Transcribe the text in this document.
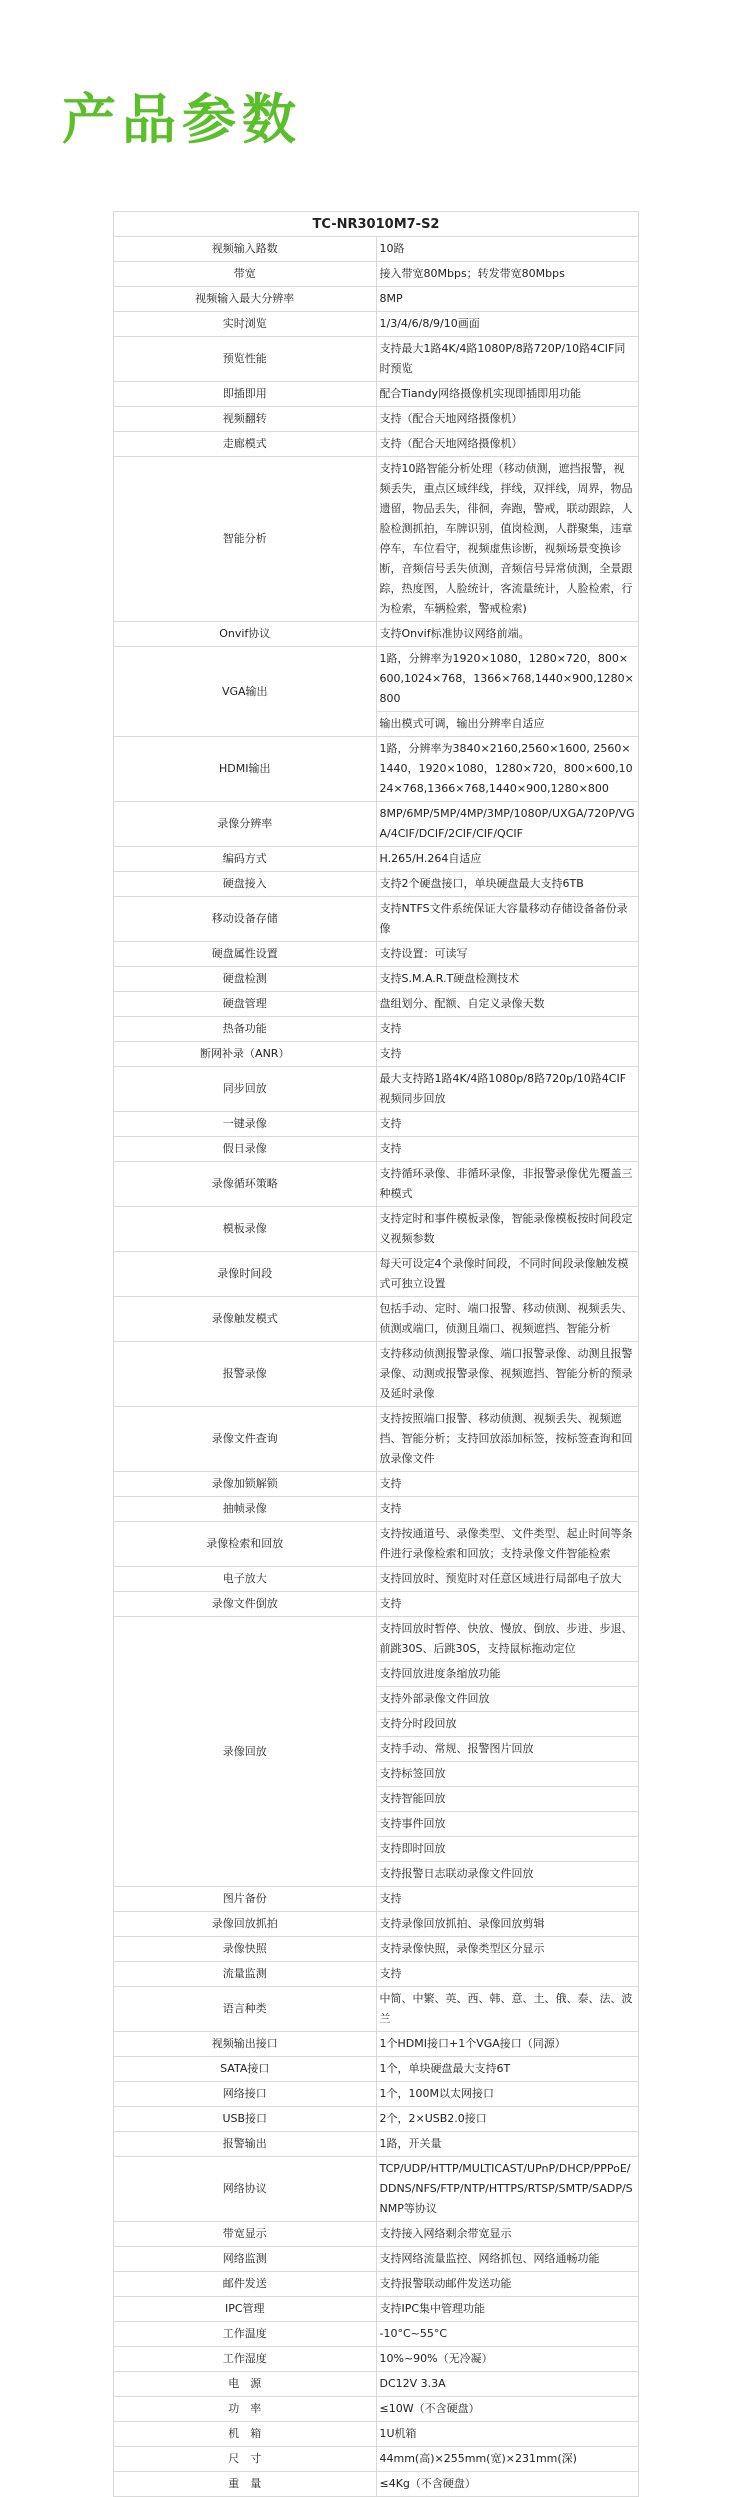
产品参数
TC-NR3010M7-S2	
视频输入路数	10路
带宽	接入带宽80Mbps；转发带宽80Mbps
视频输入最大分辨率	8MP
实时浏览	1/3/4/6/8/9/10画面
预览性能	支持最大1路4K/4路1080P/8路720P/10路4CIF同时预览
即插即用	配合Tiandy网络摄像机实现即插即用功能
视频翻转	支持（配合天地网络摄像机）
走廊模式	支持（配合天地网络摄像机）
智能分析	支持10路智能分析处理（移动侦测，遮挡报警，视频丢失，重点区域绊线，拌线，双拌线，周界，物品遗留，物品丢失，徘徊，奔跑，警戒，联动跟踪，人脸检测抓拍，车牌识别，值岗检测，人群聚集，违章停车，车位看守，视频虚焦诊断，视频场景变换诊断，音频信号丢失侦测，音频信号异常侦测，全景跟踪，热度图，人脸统计，客流量统计，人脸检索，行为检索，车辆检索，警戒检索)
Onvif协议	支持Onvif标准协议网络前端。
VGA输出	1路，分辨率为1920×1080，1280×720，800×600,1024×768，1366×768,1440×900,1280×800
	输出模式可调，输出分辨率自适应
HDMI输出	1路，分辨率为3840×2160,2560×1600, 2560×1440，1920×1080，1280×720，800×600,1024×768,1366×768,1440×900,1280×800
录像分辨率	8MP/6MP/5MP/4MP/3MP/1080P/UXGA/720P/VGA/4CIF/DCIF/2CIF/CIF/QCIF
编码方式	H.265/H.264自适应
硬盘接入	支持2个硬盘接口，单块硬盘最大支持6TB
移动设备存储	支持NTFS文件系统保证大容量移动存储设备备份录像
硬盘属性设置	支持设置：可读写
硬盘检测	支持S.M.A.R.T硬盘检测技术
硬盘管理	盘组划分、配额、自定义录像天数
热备功能	支持
断网补录（ANR）	支持
同步回放	最大支持路1路4K/4路1080p/8路720p/10路4CIF视频同步回放
一键录像	支持
假日录像	支持
录像循环策略	支持循环录像、非循环录像，非报警录像优先覆盖三种模式
模板录像	支持定时和事件模板录像，智能录像模板按时间段定义视频参数
录像时间段	每天可设定4个录像时间段，不同时间段录像触发模式可独立设置
录像触发模式	包括手动、定时、端口报警、移动侦测、视频丢失、侦测或端口，侦测且端口、视频遮挡、智能分析
报警录像	支持移动侦测报警录像、端口报警录像、动测且报警录像、动测或报警录像、视频遮挡、智能分析的预录及延时录像
录像文件查询	支持按照端口报警、移动侦测、视频丢失、视频遮挡、智能分析；支持回放添加标签，按标签查询和回放录像文件
录像加锁解锁	支持
抽帧录像	支持
录像检索和回放	支持按通道号、录像类型、文件类型、起止时间等条件进行录像检索和回放；支持录像文件智能检索
电子放大	支持回放时、预览时对任意区域进行局部电子放大
录像文件倒放	支持
录像回放	支持回放时暂停、快放、慢放、倒放、步进、步退、前跳30S、后跳30S，支持鼠标拖动定位
	支持回放进度条缩放功能
	支持外部录像文件回放
	支持分时段回放
	支持手动、常规、报警图片回放
	支持标签回放
	支持智能回放
	支持事件回放
	支持即时回放
	支持报警日志联动录像文件回放
图片备份	支持
录像回放抓拍	支持录像回放抓拍、录像回放剪辑
录像快照	支持录像快照，录像类型区分显示
流量监测	支持
语言种类	中简、中繁、英、西、韩、意、土、俄、泰、法、波兰
视频输出接口	1个HDMI接口+1个VGA接口（同源）
SATA接口	1个，单块硬盘最大支持6T
网络接口	1个，100M以太网接口
USB接口	2个，2×USB2.0接口
报警输出	1路，开关量
网络协议	TCP/UDP/HTTP/MULTICAST/UPnP/DHCP/PPPoE/DDNS/NFS/FTP/NTP/HTTPS/RTSP/SMTP/SADP/SNMP等协议
带宽显示	支持接入网络剩余带宽显示
网络监测	支持网络流量监控、网络抓包、网络通畅功能
邮件发送	支持报警联动邮件发送功能
IPC管理	支持IPC集中管理功能
工作温度	-10°C~55°C
工作湿度	10%~90%（无冷凝）
电　源	DC12V 3.3A
功　率	≤10W（不含硬盘）
机　箱	1U机箱
尺　寸	44mm(高)×255mm(宽)×231mm(深)
重　量	≤4Kg（不含硬盘）
